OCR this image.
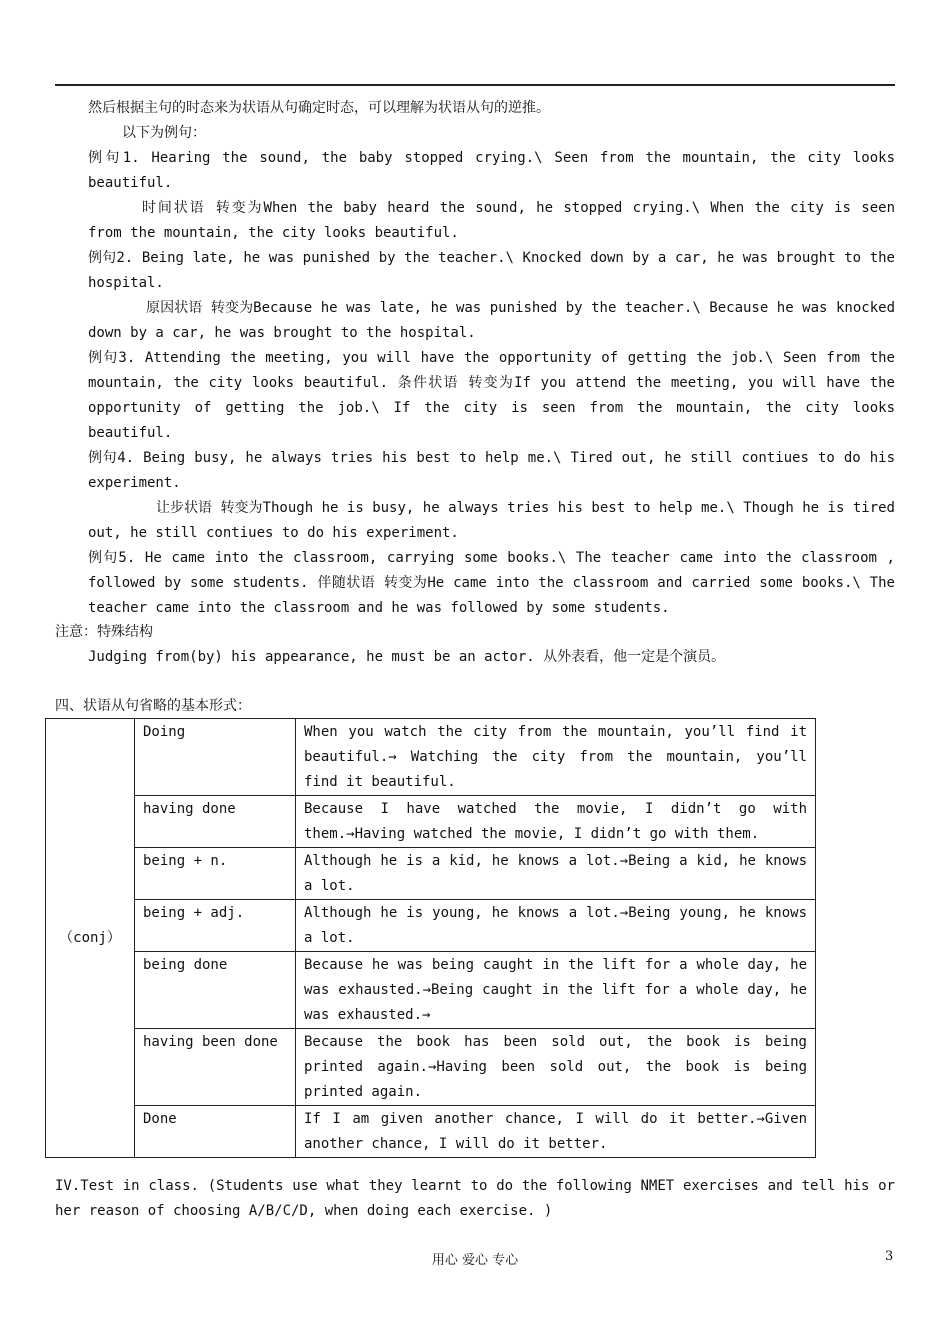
然后根据主句的时态来为状语从句确定时态，可以理解为状语从句的逆推。
以下为例句：
例句1. Hearing the sound, the baby stopped crying.\ Seen from the mountain, the city looks beautiful.
时间状语 转变为When the baby heard the sound, he stopped crying.\ When the city is seen from the mountain, the city looks beautiful.
例句2. Being late, he was punished by the teacher.\ Knocked down by a car, he was brought to the hospital.
原因状语 转变为Because he was late, he was punished by the teacher.\ Because he was knocked down by a car, he was brought to the hospital.
例句3. Attending the meeting, you will have the opportunity of getting the job.\ Seen from the mountain, the city looks beautiful. 条件状语 转变为If you attend the meeting, you will have the opportunity of getting the job.\ If the city is seen from the mountain, the city looks beautiful.
例句4. Being busy, he always tries his best to help me.\ Tired out, he still contiues to do his experiment.
让步状语 转变为Though he is busy, he always tries his best to help me.\ Though he is tired out, he still contiues to do his experiment.
例句5. He came into the classroom, carrying some books.\ The teacher came into the classroom , followed by some students. 伴随状语 转变为He came into the classroom and carried some books.\ The teacher came into the classroom and he was followed by some students.
注意：特殊结构
Judging from(by) his appearance, he must be an actor. 从外表看，他一定是个演员。
四、状语从句省略的基本形式：
（conj）	Doing	When you watch the city from the mountain, you’ll find it beautiful.→ Watching the city from the mountain, you’ll find it beautiful.
	having done	Because I have watched the movie, I didn’t go with them.→Having watched the movie, I didn’t go with them.
	being + n.	Although he is a kid, he knows a lot.→Being a kid, he knows a lot.
	being + adj.	Although he is young, he knows a lot.→Being young, he knows a lot.
	being done	Because he was being caught in the lift for a whole day, he was exhausted.→Being caught in the lift for a whole day, he was exhausted.→
	having been done	Because the book has been sold out, the book is being printed again.→Having been sold out, the book is being printed again.
	Done	If I am given another chance, I will do it better.→Given another chance, I will do it better.
IV.Test in class. (Students use what they learnt to do the following NMET exercises and tell his or her reason of choosing A/B/C/D, when doing each exercise. )
用心 爱心 专心	3
